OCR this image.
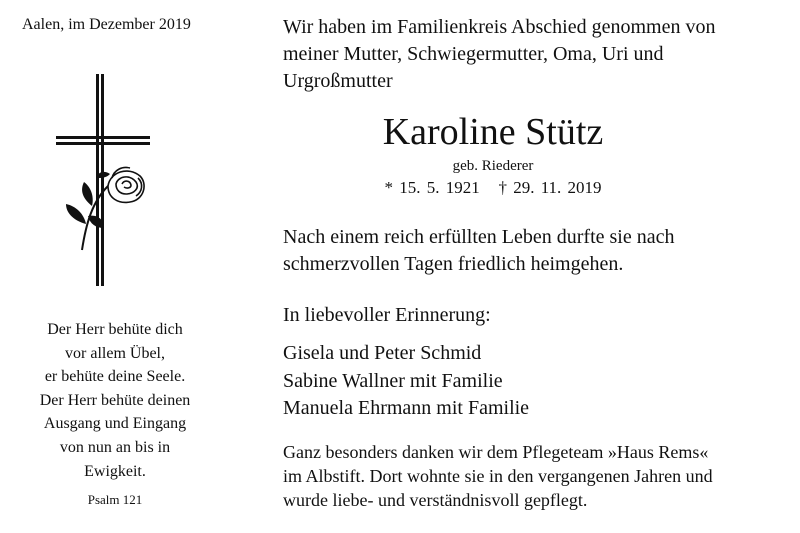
Aalen, im Dezember 2019
Der Herr behüte dich
vor allem Übel,
er behüte deine Seele.
Der Herr behüte deinen
Ausgang und Eingang
von nun an bis in
Ewigkeit.
Psalm 121
Wir haben im Familienkreis Abschied genommen von
meiner Mutter, Schwiegermutter, Oma, Uri und
Urgroßmutter
Karoline Stütz
geb. Riederer
* 15. 5. 1921   † 29. 11. 2019
Nach einem reich erfüllten Leben durfte sie nach
schmerzvollen Tagen friedlich heimgehen.
In liebevoller Erinnerung:
Gisela und Peter Schmid
Sabine Wallner mit Familie
Manuela Ehrmann mit Familie
Ganz besonders danken wir dem Pflegeteam »Haus Rems«
im Albstift. Dort wohnte sie in den vergangenen Jahren und
wurde liebe- und verständnisvoll gepflegt.
